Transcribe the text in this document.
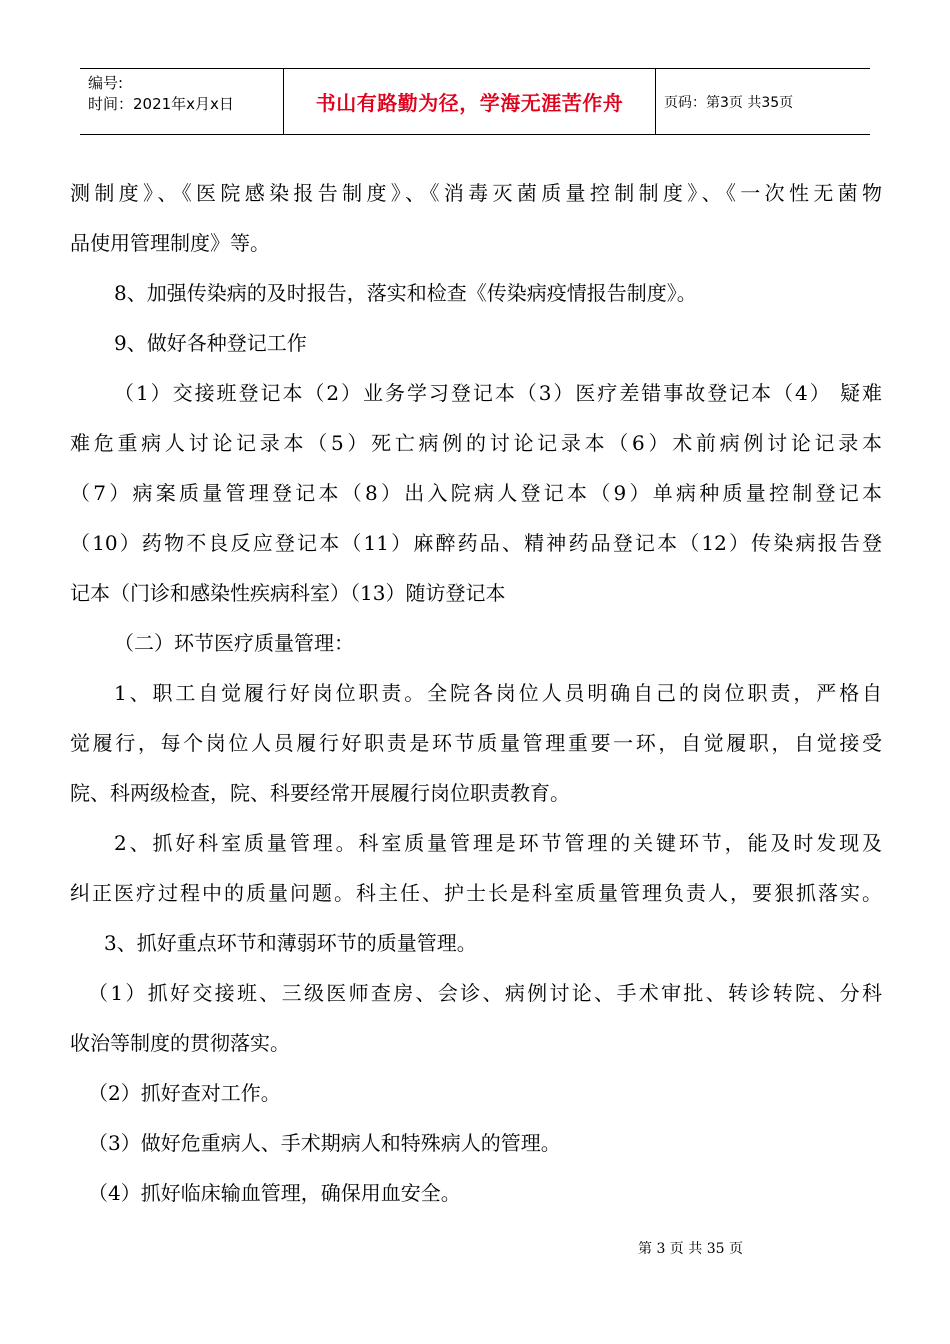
编号:
时间：2021年x月x日	书山有路勤为径，学海无涯苦作舟	页码：第3页 共35页

测制度》、《医院感染报告制度》、《消毒灭菌质量控制制度》、《一次性无菌物

品使用管理制度》等。

8、加强传染病的及时报告，落实和检查《传染病疫情报告制度》。

9、做好各种登记工作

（1）交接班登记本（2）业务学习登记本（3）医疗差错事故登记本（4） 疑难

难危重病人讨论记录本（5）死亡病例的讨论记录本（6）术前病例讨论记录本

（7）病案质量管理登记本（8）出入院病人登记本（9）单病种质量控制登记本

（10）药物不良反应登记本（11）麻醉药品、精神药品登记本（12）传染病报告登

记本（门诊和感染性疾病科室）（13）随访登记本

（二）环节医疗质量管理：

1、职工自觉履行好岗位职责。全院各岗位人员明确自己的岗位职责，严格自

觉履行，每个岗位人员履行好职责是环节质量管理重要一环，自觉履职，自觉接受

院、科两级检查，院、科要经常开展履行岗位职责教育。

2、抓好科室质量管理。科室质量管理是环节管理的关键环节，能及时发现及

纠正医疗过程中的质量问题。科主任、护士长是科室质量管理负责人，要狠抓落实。

3、抓好重点环节和薄弱环节的质量管理。

（1）抓好交接班、三级医师查房、会诊、病例讨论、手术审批、转诊转院、分科

收治等制度的贯彻落实。

（2）抓好查对工作。

（3）做好危重病人、手术期病人和特殊病人的管理。

（4）抓好临床输血管理，确保用血安全。

第 3 页 共 35 页
